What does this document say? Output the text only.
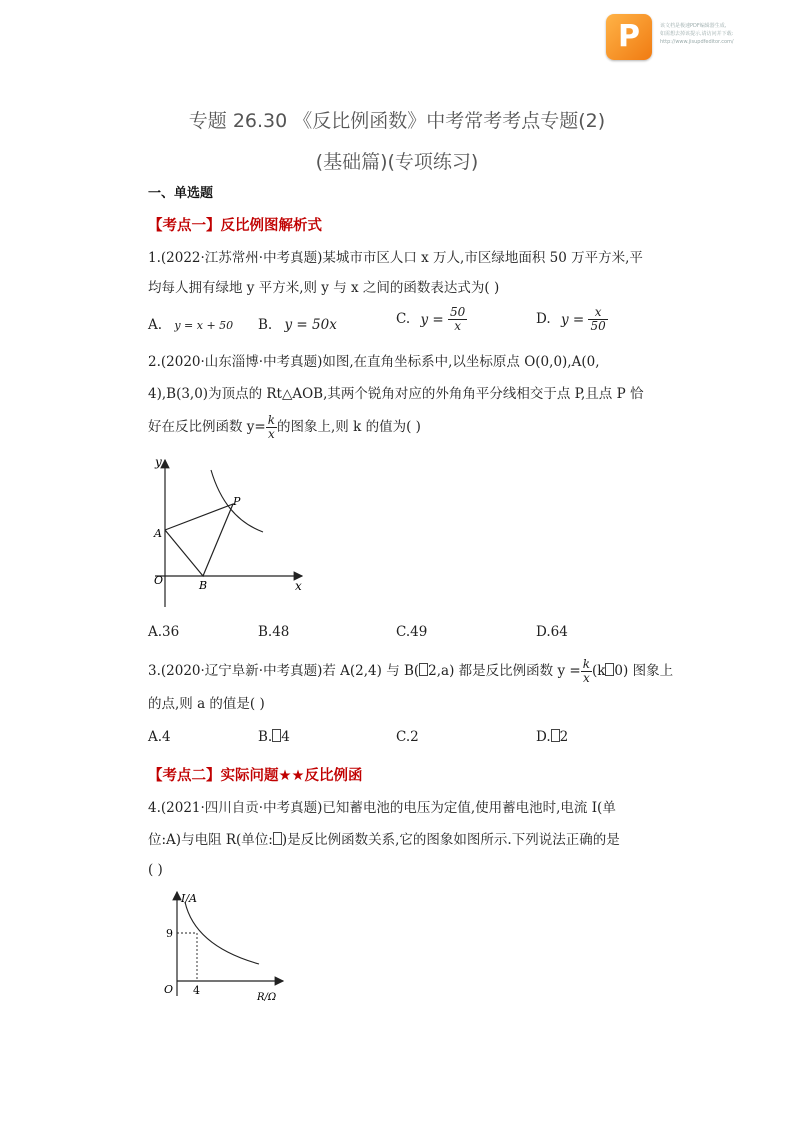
P	该文档是极速PDF编辑器生成,
如需想去掉该提示,请访问并下载:
http://www.jisupdfeditor.com/
专题 26.30 《反比例函数》中考常考考点专题(2)
(基础篇)(专项练习)
一、单选题
【考点一】反比例图解析式
1.(2022·江苏常州·中考真题)某城市市区人口 x 万人,市区绿地面积 50 万平方米,平
均每人拥有绿地 y 平方米,则 y 与 x 之间的函数表达式为( )
A. y = x + 50 B. y = 50x	C. $y = \frac{50}{x}$	D. $y = \frac{x}{50}$
2.(2020·山东淄博·中考真题)如图,在直角坐标系中,以坐标原点 O(0,0),A(0,
4),B(3,0)为顶点的 Rt△AOB,其两个锐角对应的外角角平分线相交于点 P,且点 P 恰
好在反比例函数 $y= \frac{k}{x}$ 的图象上,则 k 的值为( )
y
x
O
A
B
P
A.36	B.48	C.49	D.64
3.(2020·辽宁阜新·中考真题)若 A(2,4) 与 B( 2,a) 都是反比例函数 $y = \frac{k}{x} (k$ 0) 图象上
的点,则 a 的值是( )
A.4	B. 4	C.2	D. 2
【考点二】实际问题★★反比例函
4.(2021·四川自贡·中考真题)已知蓄电池的电压为定值,使用蓄电池时,电流 I(单
位:A)与电阻 R(单位: )是反比例函数关系,它的图象如图所示.下列说法正确的是
( )
I/A
R/Ω
O
9
4
